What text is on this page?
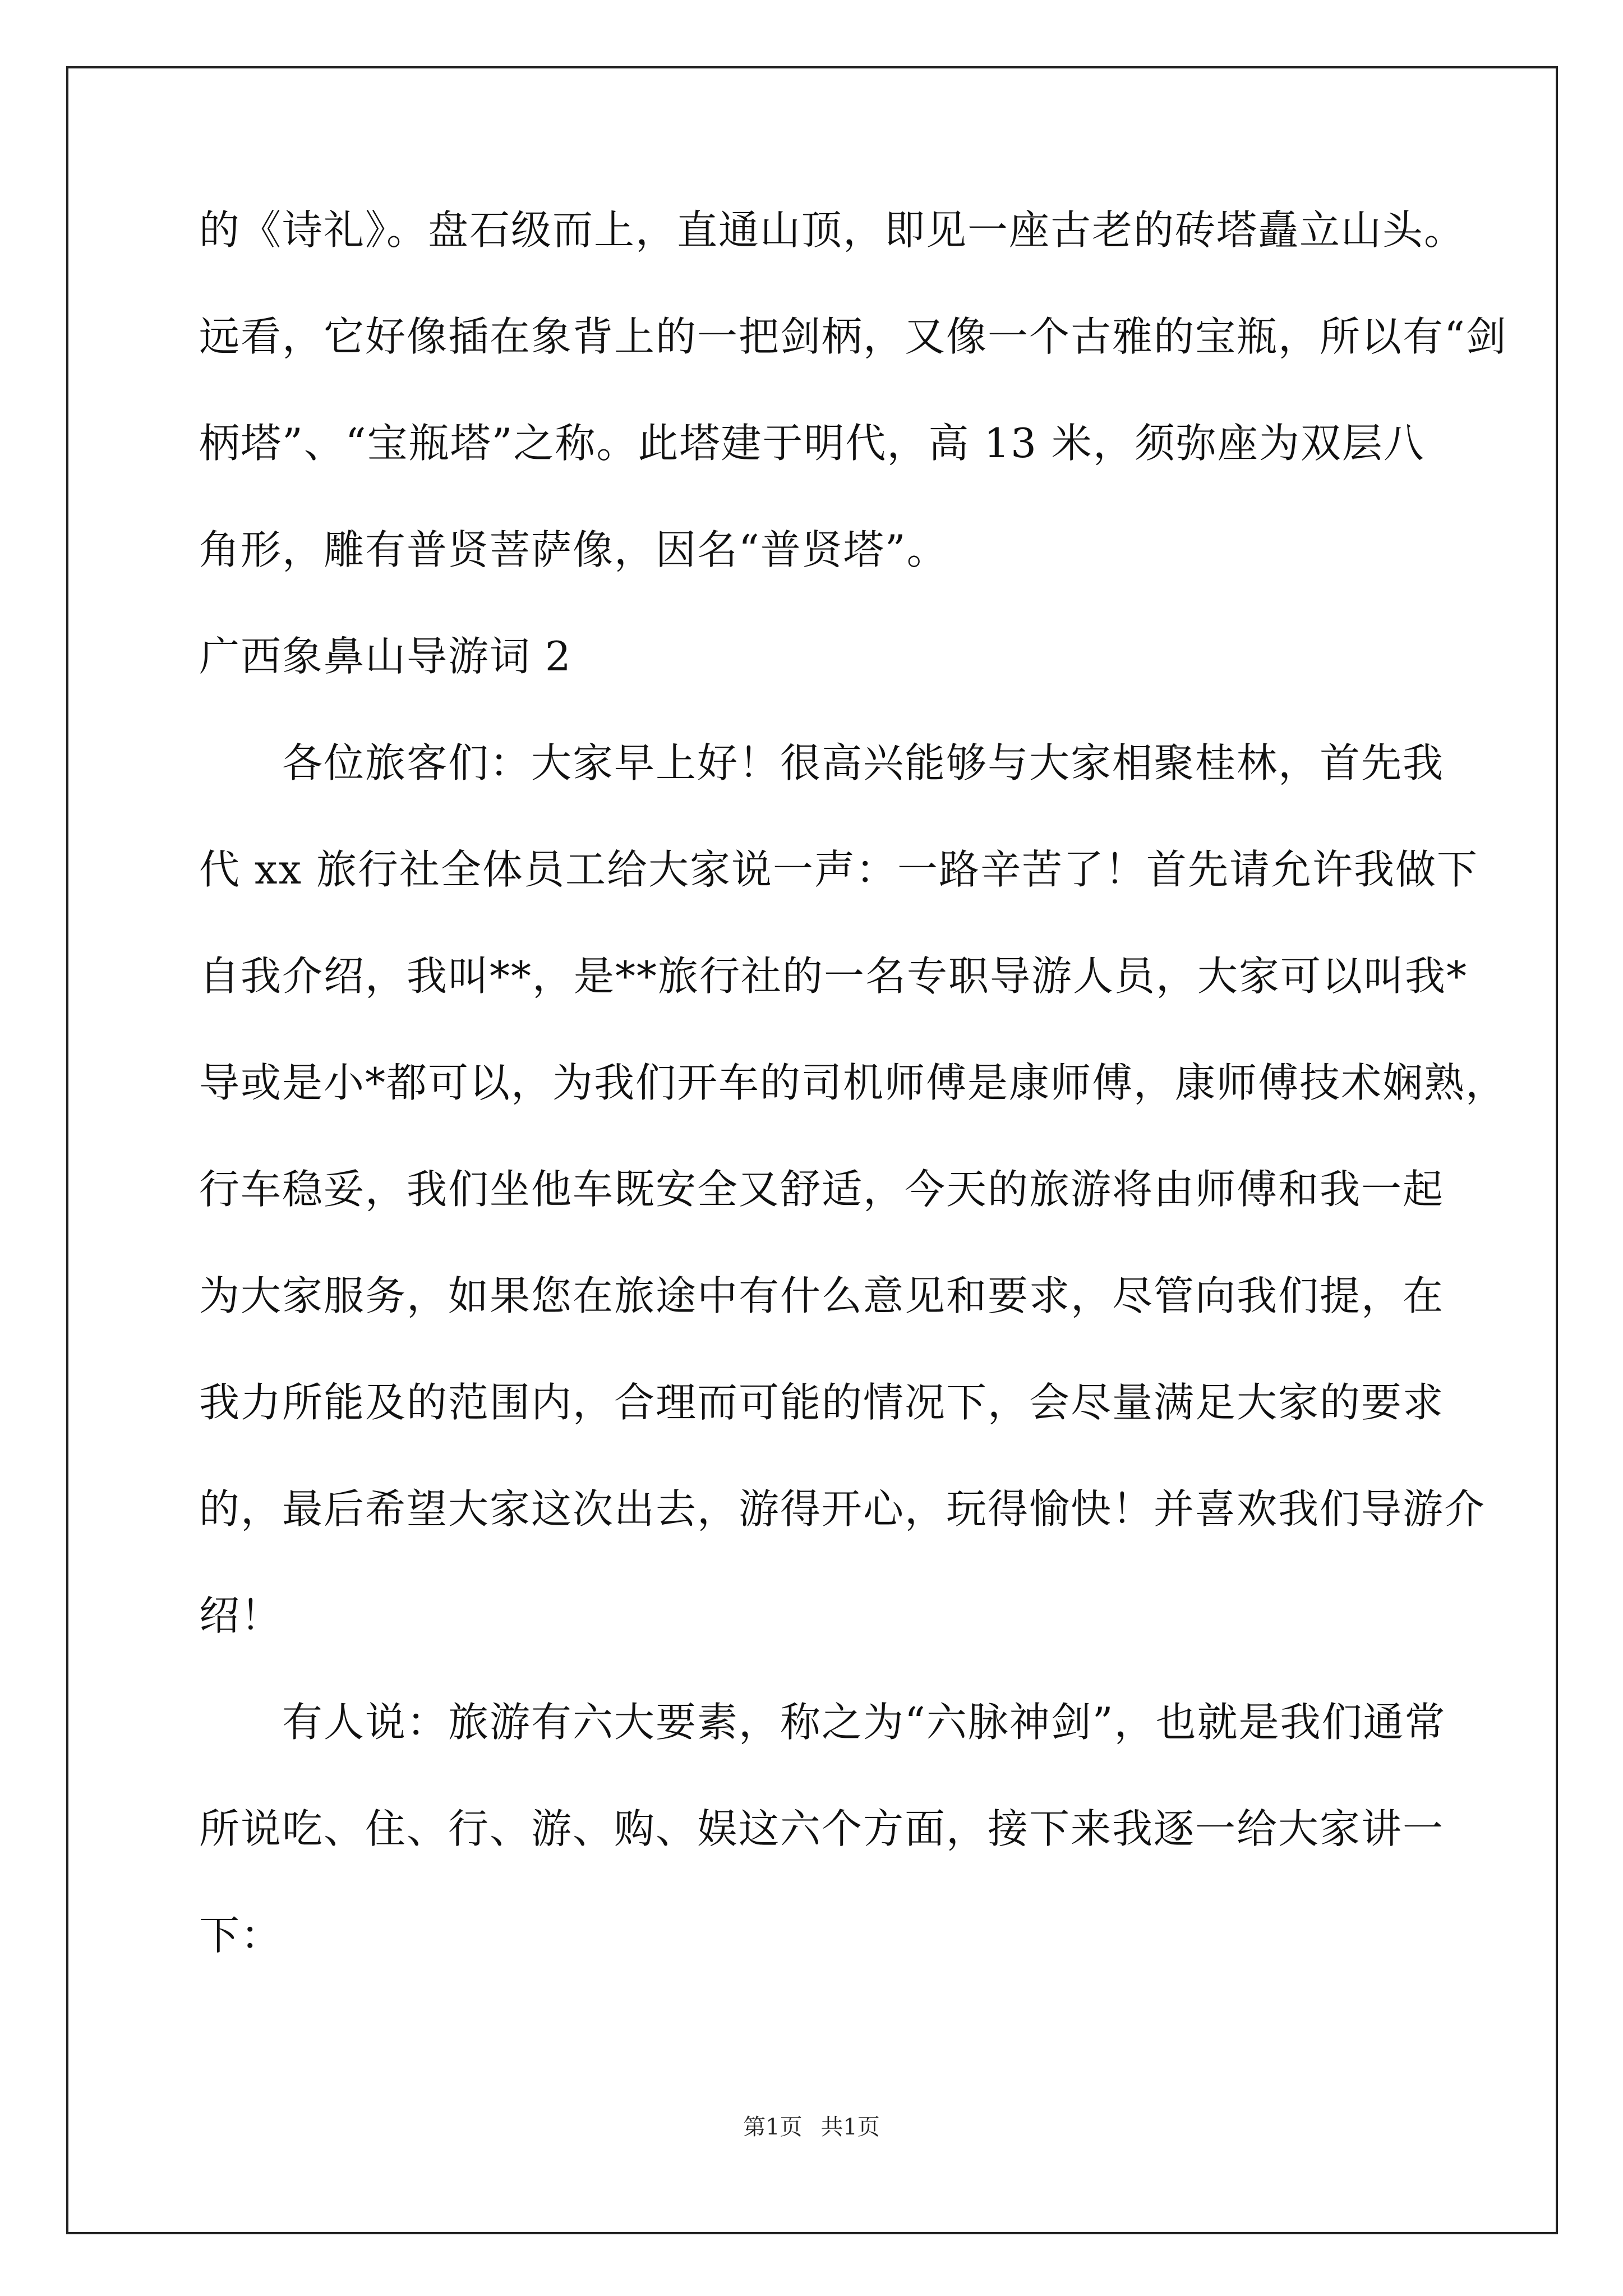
的《诗礼》。盘石级而上，直通山顶，即见一座古老的砖塔矗立山头。
远看，它好像插在象背上的一把剑柄，又像一个古雅的宝瓶，所以有“剑
柄塔”、“宝瓶塔”之称。此塔建于明代，高 13 米，须弥座为双层八
角形，雕有普贤菩萨像，因名“普贤塔”。
广西象鼻山导游词 2
　　各位旅客们：大家早上好！很高兴能够与大家相聚桂林，首先我
代 xx 旅行社全体员工给大家说一声：一路辛苦了！首先请允许我做下
自我介绍，我叫**，是**旅行社的一名专职导游人员，大家可以叫我*
导或是小*都可以，为我们开车的司机师傅是康师傅，康师傅技术娴熟，
行车稳妥，我们坐他车既安全又舒适，今天的旅游将由师傅和我一起
为大家服务，如果您在旅途中有什么意见和要求，尽管向我们提，在
我力所能及的范围内，合理而可能的情况下，会尽量满足大家的要求
的，最后希望大家这次出去，游得开心，玩得愉快！并喜欢我们导游介
绍！
　　有人说：旅游有六大要素，称之为“六脉神剑”，也就是我们通常
所说吃、住、行、游、购、娱这六个方面，接下来我逐一给大家讲一
下：
第1页 共1页
